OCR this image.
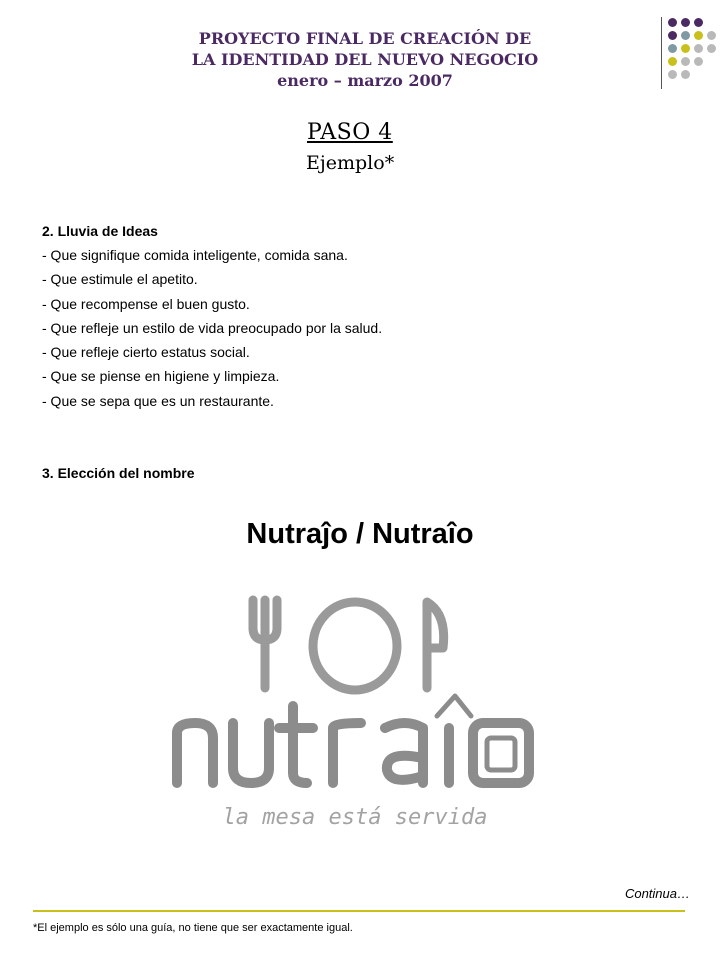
PROYECTO FINAL DE CREACIÓN DE
LA IDENTIDAD DEL NUEVO NEGOCIO
enero – marzo 2007
PASO 4
Ejemplo*
2. Lluvia de Ideas
- Que signifique comida inteligente, comida sana.
- Que estimule el apetito.
- Que recompense el buen gusto.
- Que refleje un estilo de vida preocupado por la salud.
- Que refleje cierto estatus social.
- Que se piense en higiene y limpieza.
- Que se sepa que es un restaurante.
3. Elección del nombre
Nutraĵo / Nutraîo
la mesa está servida
Continua…
*El ejemplo es sólo una guía, no tiene que ser exactamente igual.
